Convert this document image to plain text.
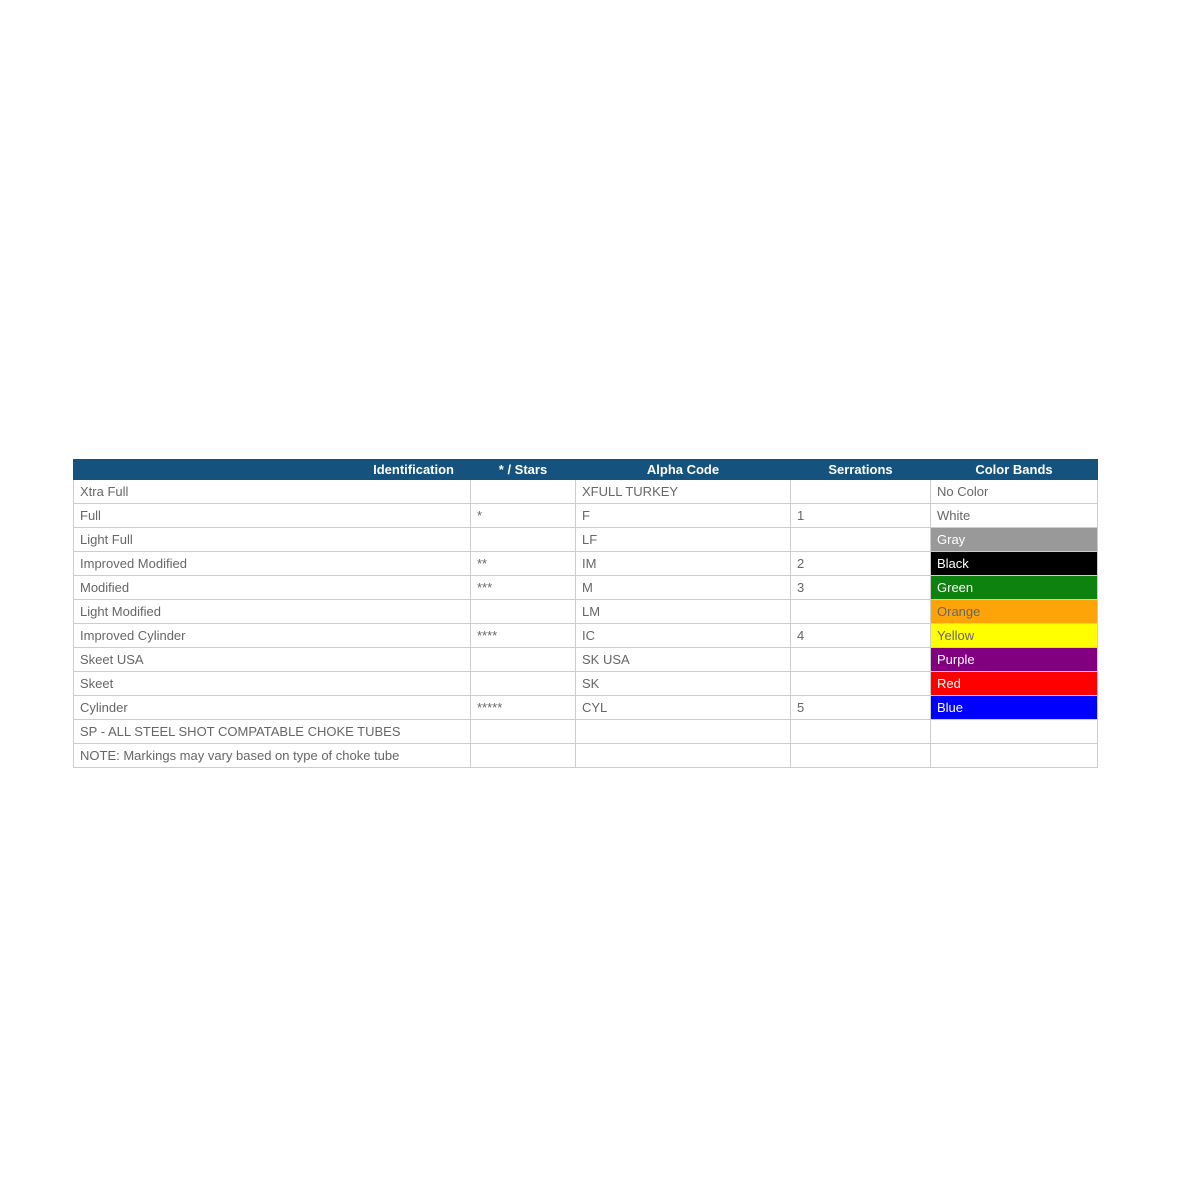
Identification	* / Stars	Alpha Code	Serrations	Color Bands
Xtra Full		XFULL TURKEY		No Color
Full	*	F	1	White
Light Full		LF		Gray
Improved Modified	**	IM	2	Black
Modified	***	M	3	Green
Light Modified		LM		Orange
Improved Cylinder	****	IC	4	Yellow
Skeet USA		SK USA		Purple
Skeet		SK		Red
Cylinder	*****	CYL	5	Blue
SP - ALL STEEL SHOT COMPATABLE CHOKE TUBES				
NOTE: Markings may vary based on type of choke tube				
